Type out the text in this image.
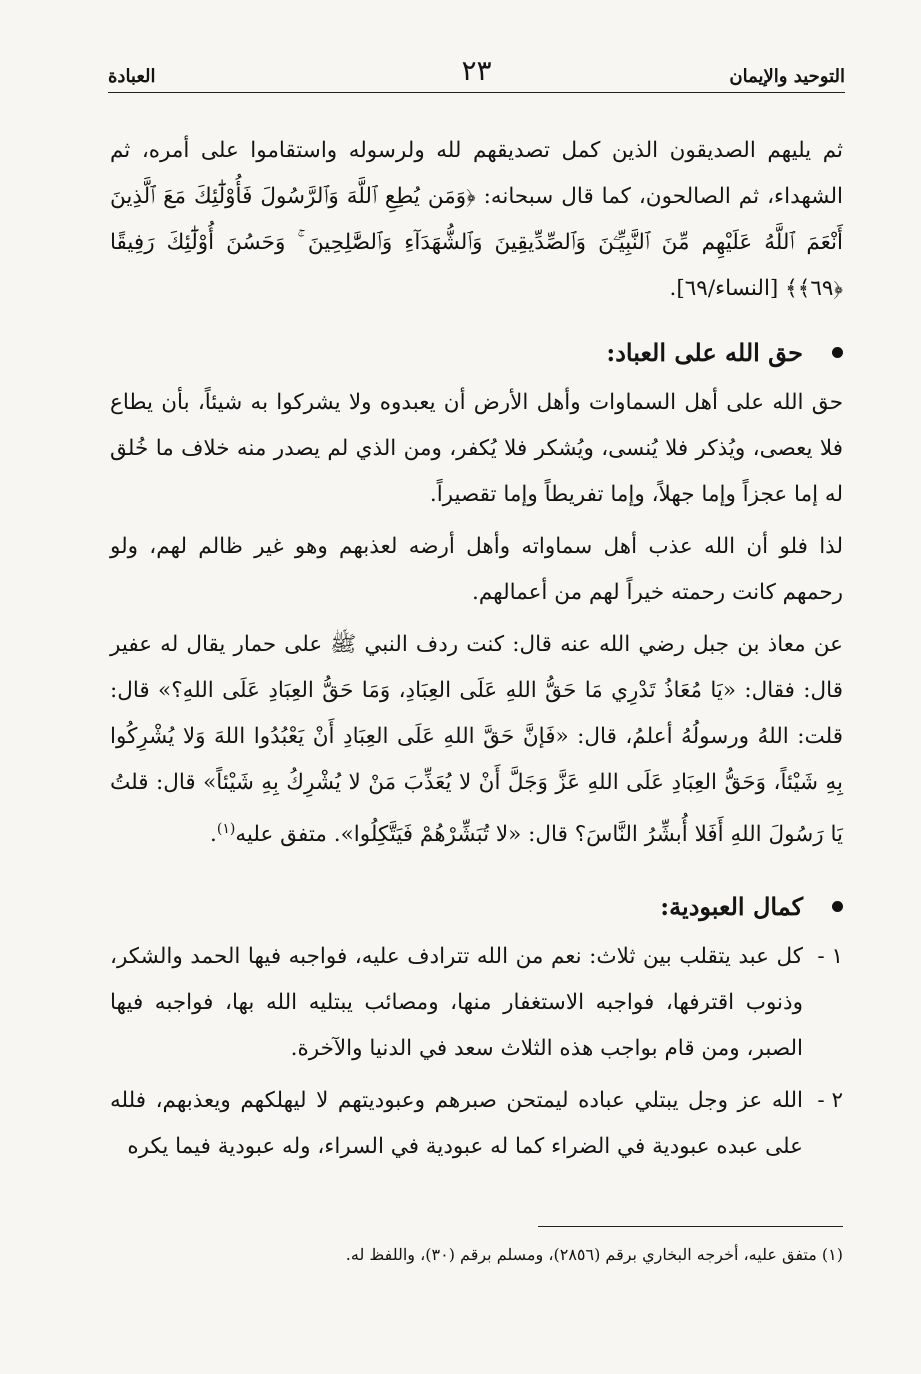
التوحيد والإيمان
٢٣
العبادة

ثم يليهم الصديقون الذين كمل تصديقهم لله ولرسوله واستقاموا على أمره، ثم الشهداء، ثم الصالحون، كما قال سبحانه: ﴿وَمَن يُطِعِ ٱللَّهَ وَٱلرَّسُولَ فَأُوْلَٰٓئِكَ مَعَ ٱلَّذِينَ أَنْعَمَ ٱللَّهُ عَلَيْهِم مِّنَ ٱلنَّبِيِّـۧنَ وَٱلصِّدِّيقِينَ وَٱلشُّهَدَآءِ وَٱلصَّٰلِحِينَ ۚ وَحَسُنَ أُوْلَٰٓئِكَ رَفِيقًا ﴿٦٩﴾﴾ [النساء/٦٩].

حق الله على العباد:

حق الله على أهل السماوات وأهل الأرض أن يعبدوه ولا يشركوا به شيئاً، بأن يطاع فلا يعصى، ويُذكر فلا يُنسى، ويُشكر فلا يُكفر، ومن الذي لم يصدر منه خلاف ما خُلق له إما عجزاً وإما جهلاً، وإما تفريطاً وإما تقصيراً.

لذا فلو أن الله عذب أهل سماواته وأهل أرضه لعذبهم وهو غير ظالم لهم، ولو رحمهم كانت رحمته خيراً لهم من أعمالهم.

عن معاذ بن جبل رضي الله عنه قال: كنت ردف النبي ﷺ على حمار يقال له عفير قال: فقال: «يَا مُعَاذُ تَدْرِي مَا حَقُّ اللهِ عَلَى العِبَادِ، وَمَا حَقُّ العِبَادِ عَلَى اللهِ؟» قال: قلت: اللهُ ورسولُهُ أعلمُ، قال: «فَإنَّ حَقَّ اللهِ عَلَى العِبَادِ أَنْ يَعْبُدُوا اللهَ وَلا يُشْرِكُوا بِهِ شَيْئاً، وَحَقُّ العِبَادِ عَلَى اللهِ عَزَّ وَجَلَّ أَنْ لا يُعَذِّبَ مَنْ لا يُشْرِكُ بِهِ شَيْئاً» قال: قلتُ يَا رَسُولَ اللهِ أَفَلا أُبشِّرُ النَّاسَ؟ قال: «لا تُبَشِّرْهُمْ فَيَتَّكِلُوا». متفق عليه$^{(١)}$.

كمال العبودية:

١ -
كل عبد يتقلب بين ثلاث: نعم من الله تترادف عليه، فواجبه فيها الحمد والشكر، وذنوب اقترفها، فواجبه الاستغفار منها، ومصائب يبتليه الله بها، فواجبه فيها الصبر، ومن قام بواجب هذه الثلاث سعد في الدنيا والآخرة.

٢ -
الله عز وجل يبتلي عباده ليمتحن صبرهم وعبوديتهم لا ليهلكهم ويعذبهم، فلله على عبده عبودية في الضراء كما له عبودية في السراء، وله عبودية فيما يكره

(١) متفق عليه، أخرجه البخاري برقم (٢٨٥٦)، ومسلم برقم (٣٠)، واللفظ له.
